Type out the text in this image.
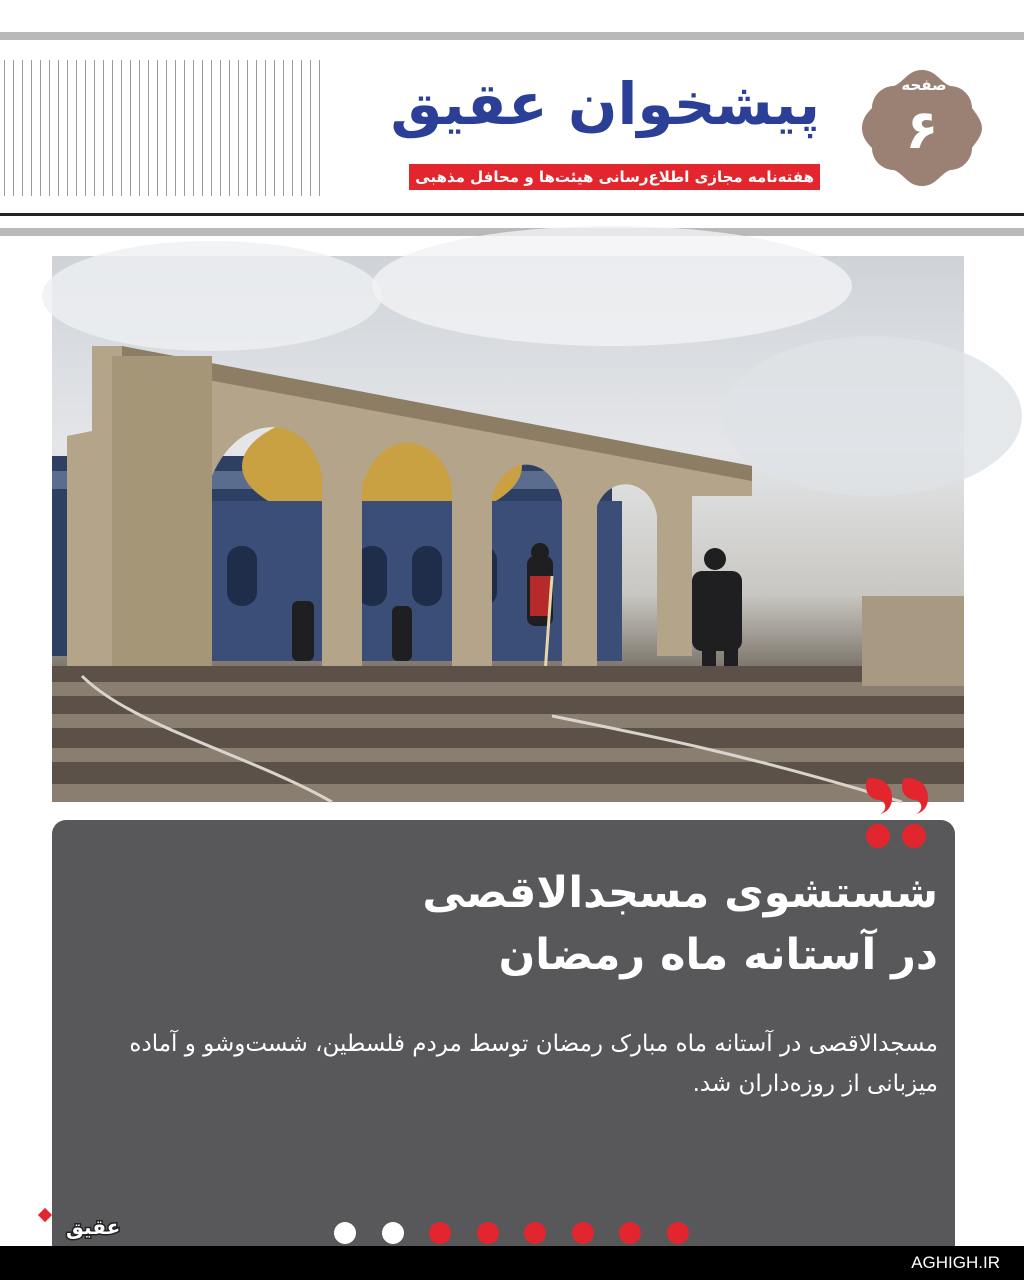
پیشخوان عقیق
هفته‌نامه مجازی اطلاع‌رسانی هیئت‌ها و محافل مذهبی
صفحه
۶
شستشوی مسجدالاقصی
در آستانه ماه رمضان
مسجدالاقصی در آستانه ماه مبارک رمضان توسط مردم فلسطین، شست‌وشو و آماده میزبانی از روزه‌داران شد.
عقیق
AGHIGH.IR
